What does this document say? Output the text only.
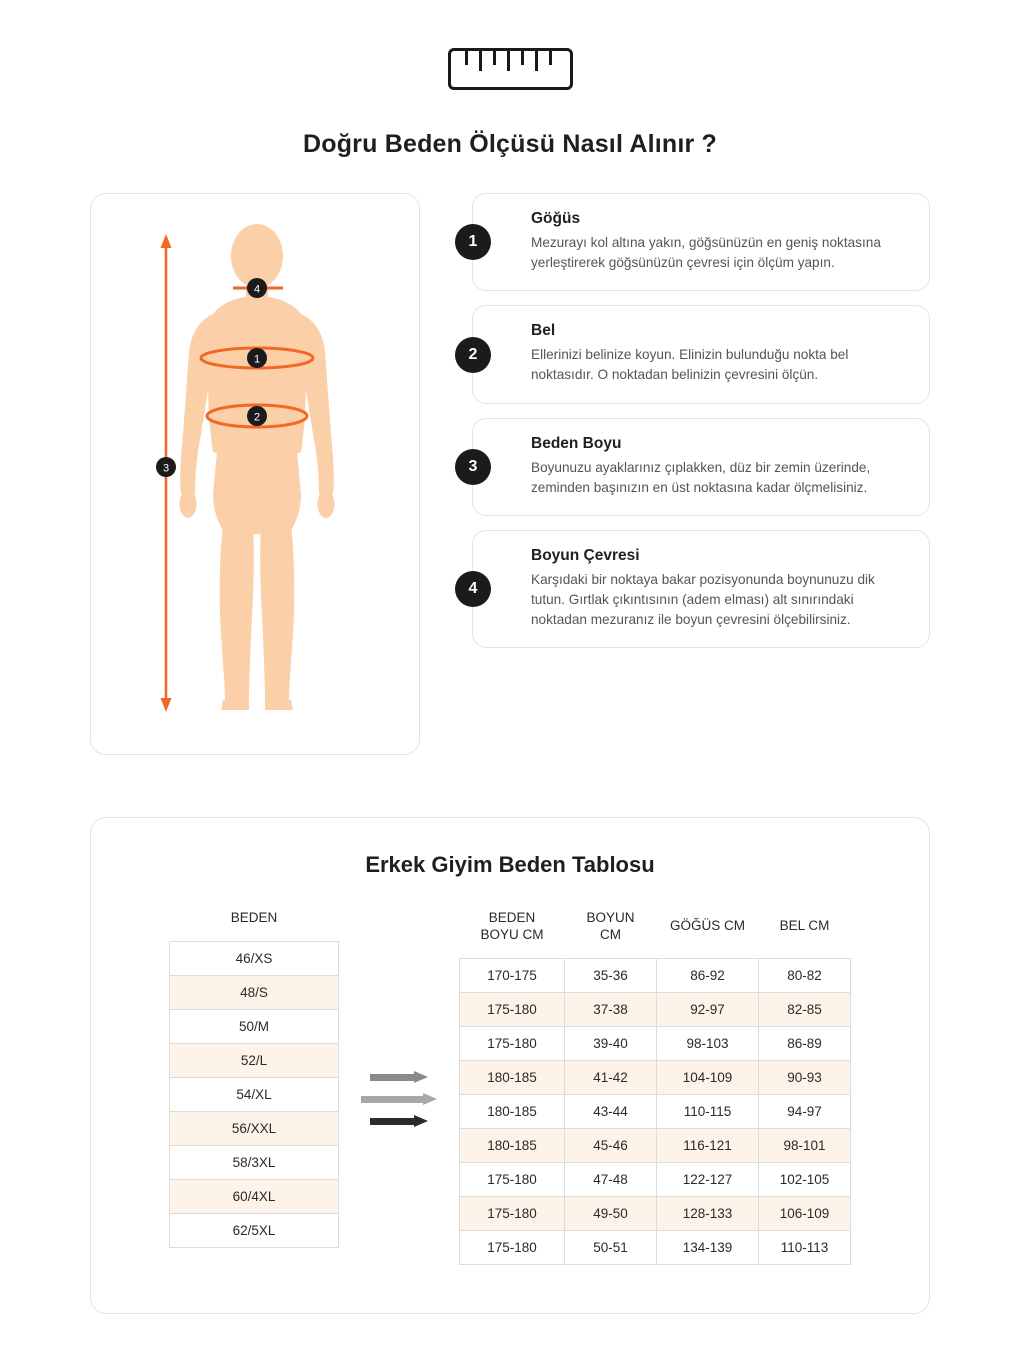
Doğru Beden Ölçüsü Nasıl Alınır ?
1
2
3
4
1
Göğüs

Mezurayı kol altına yakın, göğsünüzün en geniş noktasına yerleştirerek göğsünüzün çevresi için ölçüm yapın.

2
Bel

Ellerinizi belinize koyun. Elinizin bulunduğu nokta bel noktasıdır. O noktadan belinizin çevresini ölçün.

3
Beden Boyu

Boyunuzu ayaklarınız çıplakken, düz bir zemin üzerinde, zeminden başınızın en üst noktasına kadar ölçmelisiniz.

4
Boyun Çevresi

Karşıdaki bir noktaya bakar pozisyonunda boynunuzu dik tutun. Gırtlak çıkıntısının (adem elması) alt sınırındaki noktadan mezuranız ile boyun çevresini ölçebilirsiniz.

Erkek Giyim Beden Tablosu
BEDEN
46/XS
48/S
50/M
52/L
54/XL
56/XXL
58/3XL
60/4XL
62/5XL
BEDEN BOYU CM	BOYUN CM	GÖĞÜS CM	BEL CM
170-175	35-36	86-92	80-82
175-180	37-38	92-97	82-85
175-180	39-40	98-103	86-89
180-185	41-42	104-109	90-93
180-185	43-44	110-115	94-97
180-185	45-46	116-121	98-101
175-180	47-48	122-127	102-105
175-180	49-50	128-133	106-109
175-180	50-51	134-139	110-113
